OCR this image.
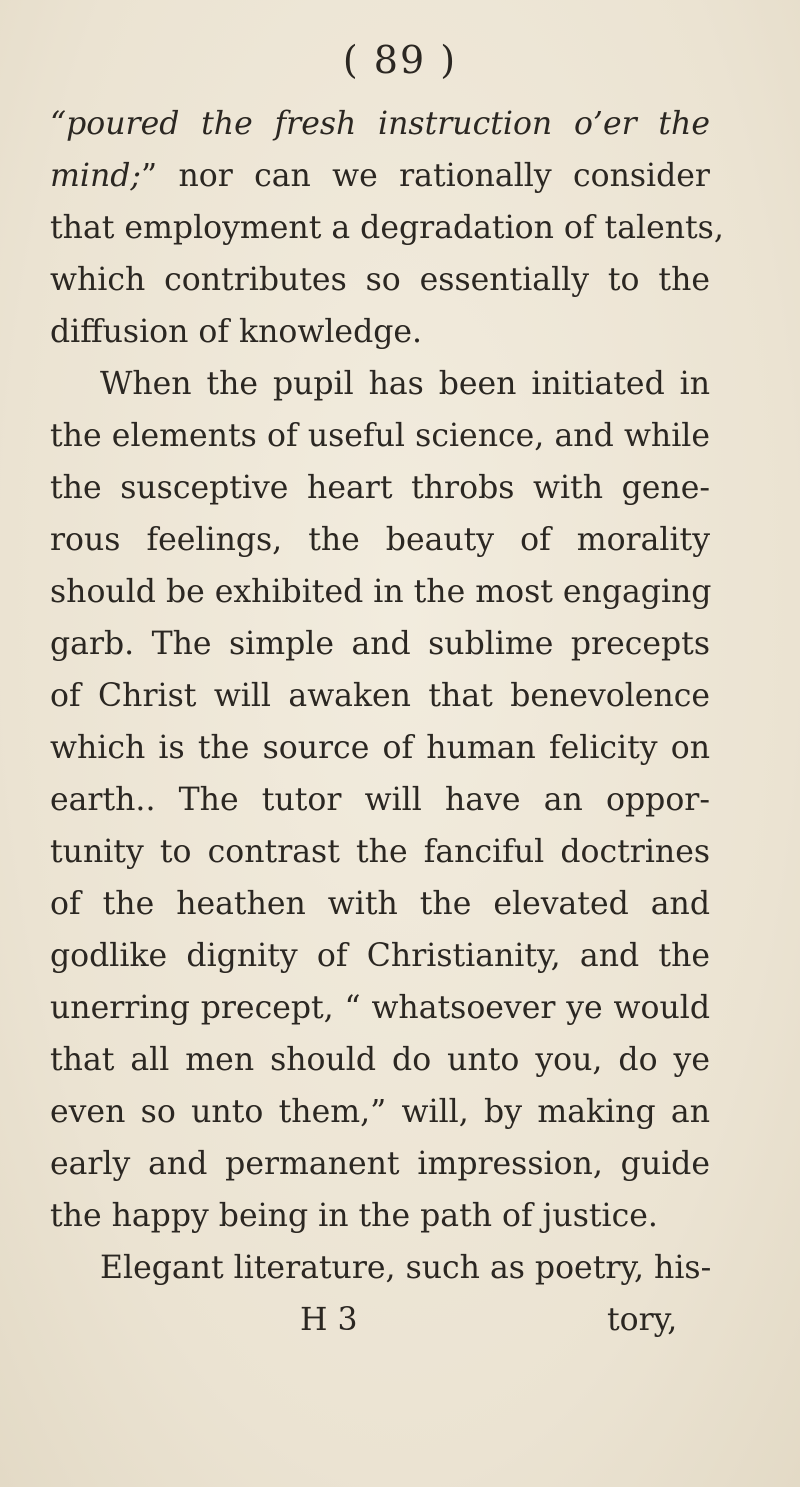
( 89 )
“poured the fresh instruction o’er the
mind;” nor can we rationally consider
that employment a degradation of talents,
which contributes so essentially to the
diffusion of knowledge.
When the pupil has been initiated in
the elements of useful science, and while
the susceptive heart throbs with gene-
rous feelings, the beauty of morality
should be exhibited in the most engaging
garb. The simple and sublime precepts
of Christ will awaken that benevolence
which is the source of human felicity on
earth.. The tutor will have an oppor-
tunity to contrast the fanciful doctrines
of the heathen with the elevated and
godlike dignity of Christianity, and the
unerring precept, “ whatsoever ye would
that all men should do unto you, do ye
even so unto them,” will, by making an
early and permanent impression, guide
the happy being in the path of justice.
Elegant literature, such as poetry, his-
H 3	tory,
